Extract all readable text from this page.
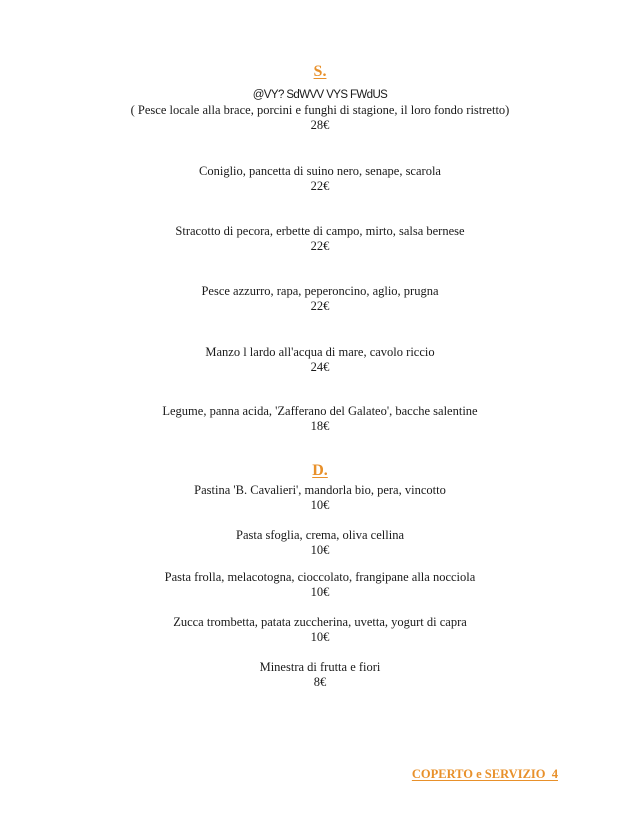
S.
@VY? SdWVV VYS FWdUS
( Pesce locale alla brace, porcini e funghi di stagione, il loro fondo ristretto)
28€
Coniglio, pancetta di suino nero, senape, scarola
22€
Stracotto di pecora, erbette di campo, mirto, salsa bernese
22€
Pesce azzurro, rapa, peperoncino, aglio, prugna
22€
Manzo l lardo all'acqua di mare, cavolo riccio
24€
Legume, panna acida, 'Zafferano del Galateo', bacche salentine
18€
D.
Pastina 'B. Cavalieri', mandorla bio, pera, vincotto
10€
Pasta sfoglia, crema, oliva cellina
10€
Pasta frolla, melacotogna, cioccolato, frangipane alla nocciola
10€
Zucca trombetta, patata zuccherina, uvetta, yogurt di capra
10€
Minestra di frutta e fiori
8€
COPERTO e SERVIZIO  4
